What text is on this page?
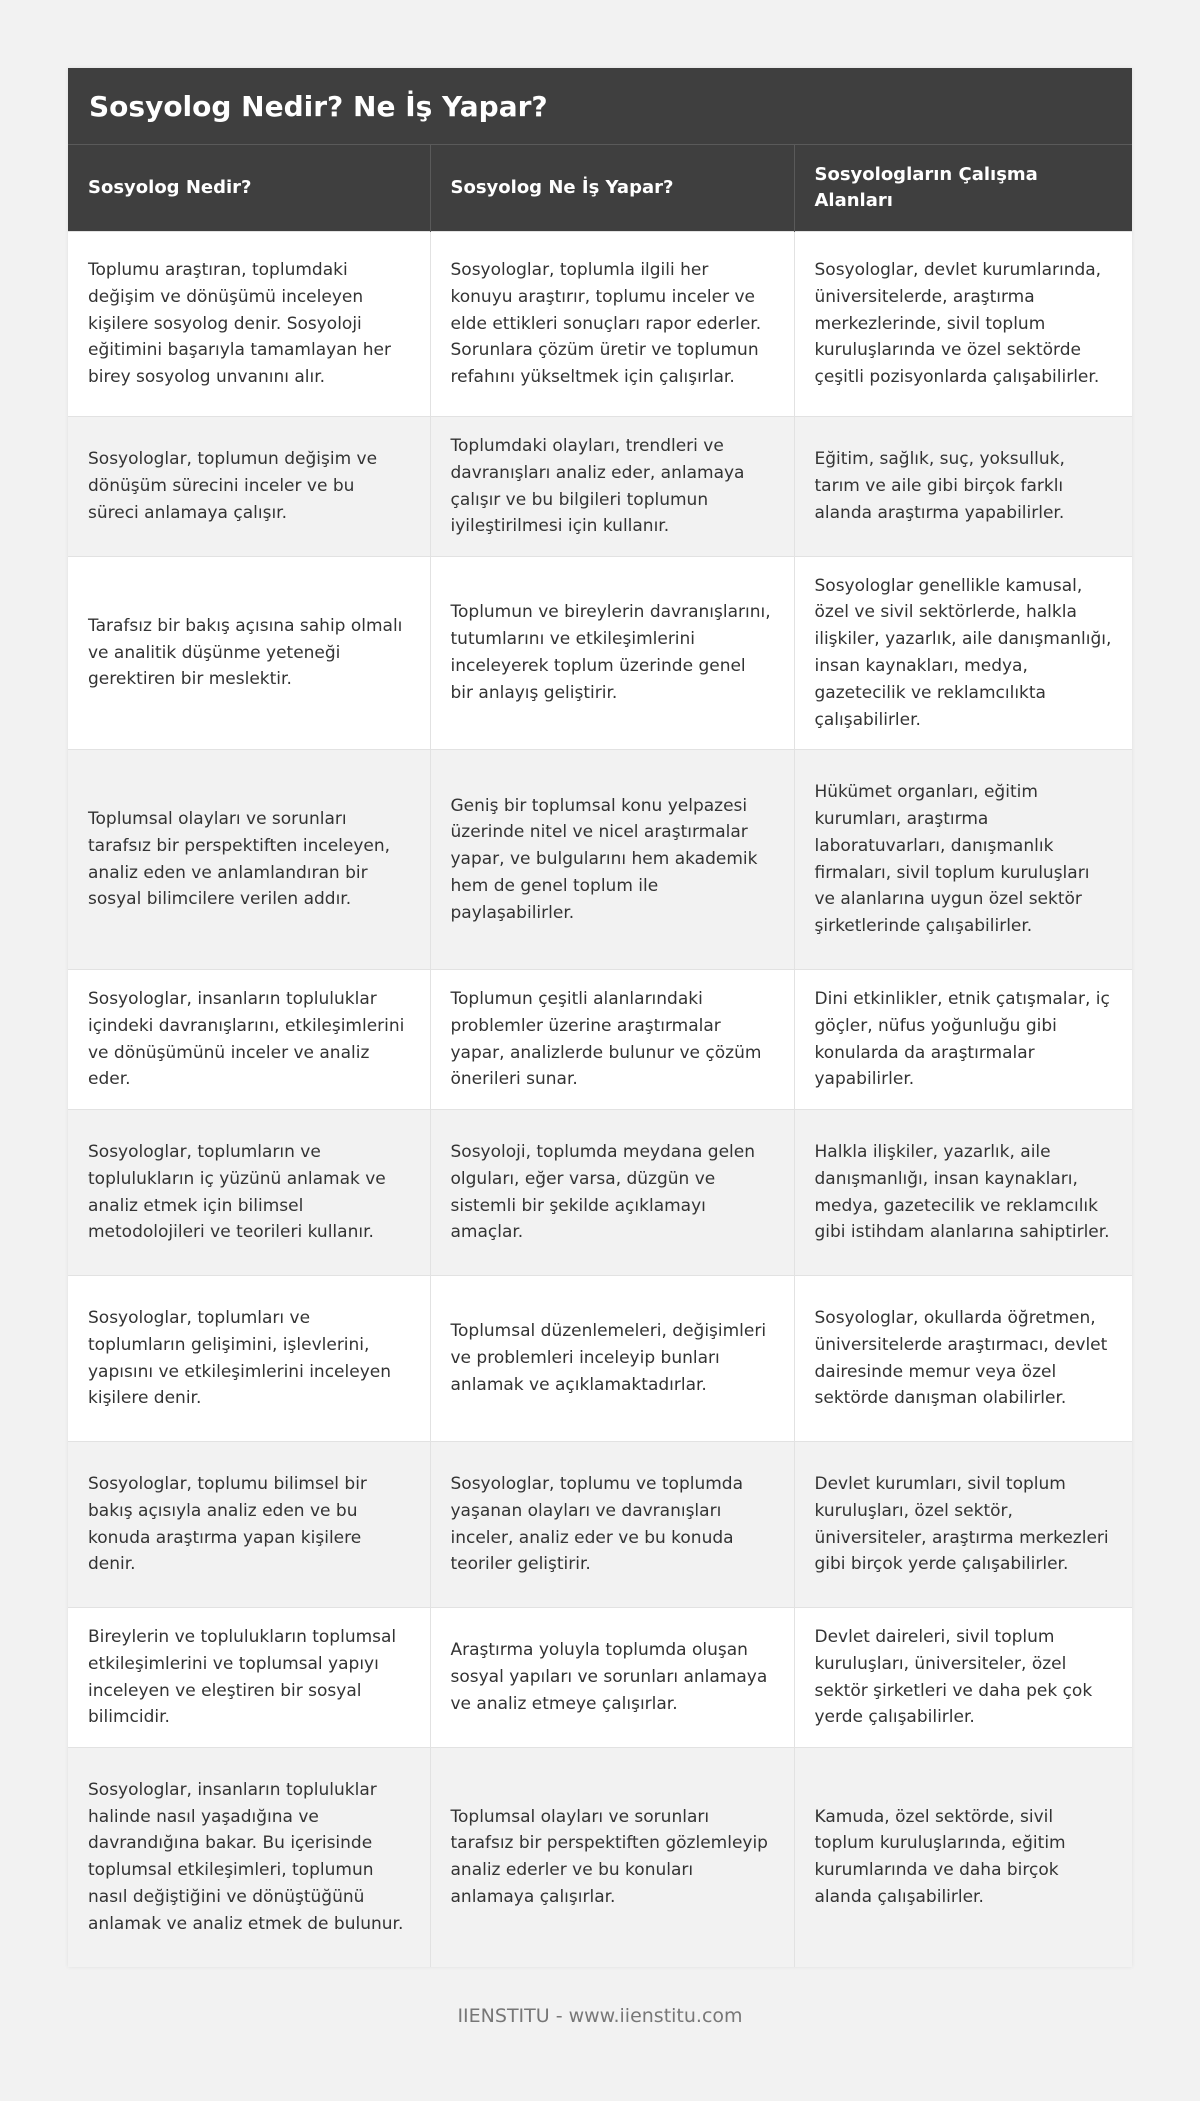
Sosyolog Nedir? Ne İş Yapar?
Sosyolog Nedir?	Sosyolog Ne İş Yapar?	Sosyologların Çalışma Alanları
Toplumu araştıran, toplumdaki değişim ve dönüşümü inceleyen kişilere sosyolog denir. Sosyoloji eğitimini başarıyla tamamlayan her birey sosyolog unvanını alır.	Sosyologlar, toplumla ilgili her konuyu araştırır, toplumu inceler ve elde ettikleri sonuçları rapor ederler. Sorunlara çözüm üretir ve toplumun refahını yükseltmek için çalışırlar.	Sosyologlar, devlet kurumlarında, üniversitelerde, araştırma merkezlerinde, sivil toplum kuruluşlarında ve özel sektörde çeşitli pozisyonlarda çalışabilirler.
Sosyologlar, toplumun değişim ve dönüşüm sürecini inceler ve bu süreci anlamaya çalışır.	Toplumdaki olayları, trendleri ve davranışları analiz eder, anlamaya çalışır ve bu bilgileri toplumun iyileştirilmesi için kullanır.	Eğitim, sağlık, suç, yoksulluk, tarım ve aile gibi birçok farklı alanda araştırma yapabilirler.
Tarafsız bir bakış açısına sahip olmalı ve analitik düşünme yeteneği gerektiren bir meslektir.	Toplumun ve bireylerin davranışlarını, tutumlarını ve etkileşimlerini inceleyerek toplum üzerinde genel bir anlayış geliştirir.	Sosyologlar genellikle kamusal, özel ve sivil sektörlerde, halkla ilişkiler, yazarlık, aile danışmanlığı, insan kaynakları, medya, gazetecilik ve reklamcılıkta çalışabilirler.
Toplumsal olayları ve sorunları tarafsız bir perspektiften inceleyen, analiz eden ve anlamlandıran bir sosyal bilimcilere verilen addır.	Geniş bir toplumsal konu yelpazesi üzerinde nitel ve nicel araştırmalar yapar, ve bulgularını hem akademik hem de genel toplum ile paylaşabilirler.	Hükümet organları, eğitim kurumları, araştırma laboratuvarları, danışmanlık firmaları, sivil toplum kuruluşları ve alanlarına uygun özel sektör şirketlerinde çalışabilirler.
Sosyologlar, insanların topluluklar içindeki davranışlarını, etkileşimlerini ve dönüşümünü inceler ve analiz eder.	Toplumun çeşitli alanlarındaki problemler üzerine araştırmalar yapar, analizlerde bulunur ve çözüm önerileri sunar.	Dini etkinlikler, etnik çatışmalar, iç göçler, nüfus yoğunluğu gibi konularda da araştırmalar yapabilirler.
Sosyologlar, toplumların ve toplulukların iç yüzünü anlamak ve analiz etmek için bilimsel metodolojileri ve teorileri kullanır.	Sosyoloji, toplumda meydana gelen olguları, eğer varsa, düzgün ve sistemli bir şekilde açıklamayı amaçlar.	Halkla ilişkiler, yazarlık, aile danışmanlığı, insan kaynakları, medya, gazetecilik ve reklamcılık gibi istihdam alanlarına sahiptirler.
Sosyologlar, toplumları ve toplumların gelişimini, işlevlerini, yapısını ve etkileşimlerini inceleyen kişilere denir.	Toplumsal düzenlemeleri, değişimleri ve problemleri inceleyip bunları anlamak ve açıklamaktadırlar.	Sosyologlar, okullarda öğretmen, üniversitelerde araştırmacı, devlet dairesinde memur veya özel sektörde danışman olabilirler.
Sosyologlar, toplumu bilimsel bir bakış açısıyla analiz eden ve bu konuda araştırma yapan kişilere denir.	Sosyologlar, toplumu ve toplumda yaşanan olayları ve davranışları inceler, analiz eder ve bu konuda teoriler geliştirir.	Devlet kurumları, sivil toplum kuruluşları, özel sektör, üniversiteler, araştırma merkezleri gibi birçok yerde çalışabilirler.
Bireylerin ve toplulukların toplumsal etkileşimlerini ve toplumsal yapıyı inceleyen ve eleştiren bir sosyal bilimcidir.	Araştırma yoluyla toplumda oluşan sosyal yapıları ve sorunları anlamaya ve analiz etmeye çalışırlar.	Devlet daireleri, sivil toplum kuruluşları, üniversiteler, özel sektör şirketleri ve daha pek çok yerde çalışabilirler.
Sosyologlar, insanların topluluklar halinde nasıl yaşadığına ve davrandığına bakar. Bu içerisinde toplumsal etkileşimleri, toplumun nasıl değiştiğini ve dönüştüğünü anlamak ve analiz etmek de bulunur.	Toplumsal olayları ve sorunları tarafsız bir perspektiften gözlemleyip analiz ederler ve bu konuları anlamaya çalışırlar.	Kamuda, özel sektörde, sivil toplum kuruluşlarında, eğitim kurumlarında ve daha birçok alanda çalışabilirler.
IIENSTITU - www.iienstitu.com
